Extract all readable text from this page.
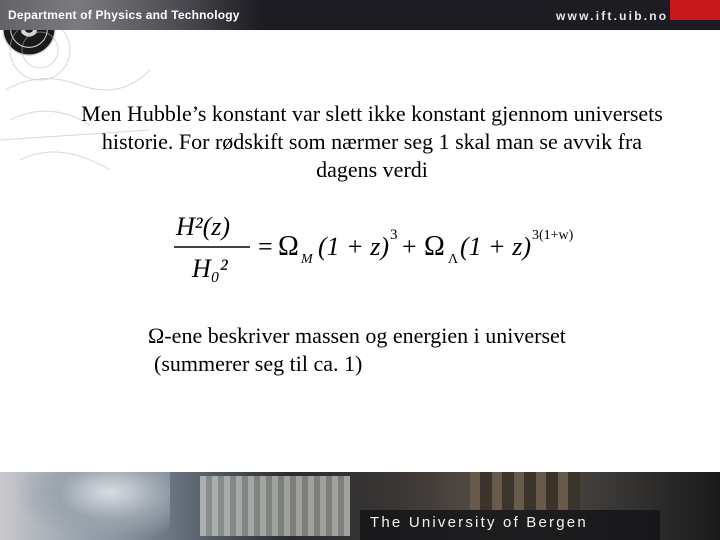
Department of Physics and Technology	www.ift.uib.no
Men Hubble’s konstant var slett ikke konstant gjennom universets historie. For rødskift som nærmer seg 1 skal man se avvik fra dagens verdi
H²(z)
H₀²
= Ω M (1 + z) 3 + Ω Λ (1 + z) 3(1+w)
Ω-ene beskriver massen og energien i universet
(summerer seg til ca. 1)
The University of Bergen
